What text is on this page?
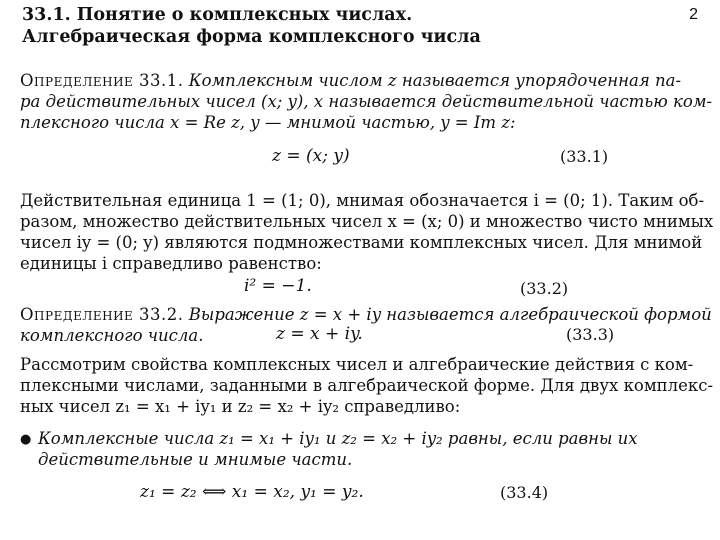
2
33.1. Понятие о комплексных числах.
Алгебраическая форма комплексного числа
Определение 33.1. Комплексным числом z называется упорядоченная па-
ра действительных чисел (x; y), x называется действительной частью ком-
плексного числа x = Re z, y — мнимой частью, y = Im z:
z = (x; y)	(33.1)
Действительная единица 1 = (1; 0), мнимая обозначается i = (0; 1). Таким об-
разом, множество действительных чисел x = (x; 0) и множество чисто мнимых
чисел iy = (0; y) являются подмножествами комплексных чисел. Для мнимой
единицы i справедливо равенство:
i² = −1.	(33.2)
Определение 33.2. Выражение z = x + iy называется алгебраической формой
комплексного числа.	z = x + iy.	(33.3)
Рассмотрим свойства комплексных чисел и алгебраические действия с ком-
плексными числами, заданными в алгебраической форме. Для двух комплекс-
ных чисел z₁ = x₁ + iy₁ и z₂ = x₂ + iy₂ справедливо:
● Комплексные числа z₁ = x₁ + iy₁ и z₂ = x₂ + iy₂ равны, если равны их
действительные и мнимые части.
z₁ = z₂ ⟺ x₁ = x₂, y₁ = y₂.	(33.4)
